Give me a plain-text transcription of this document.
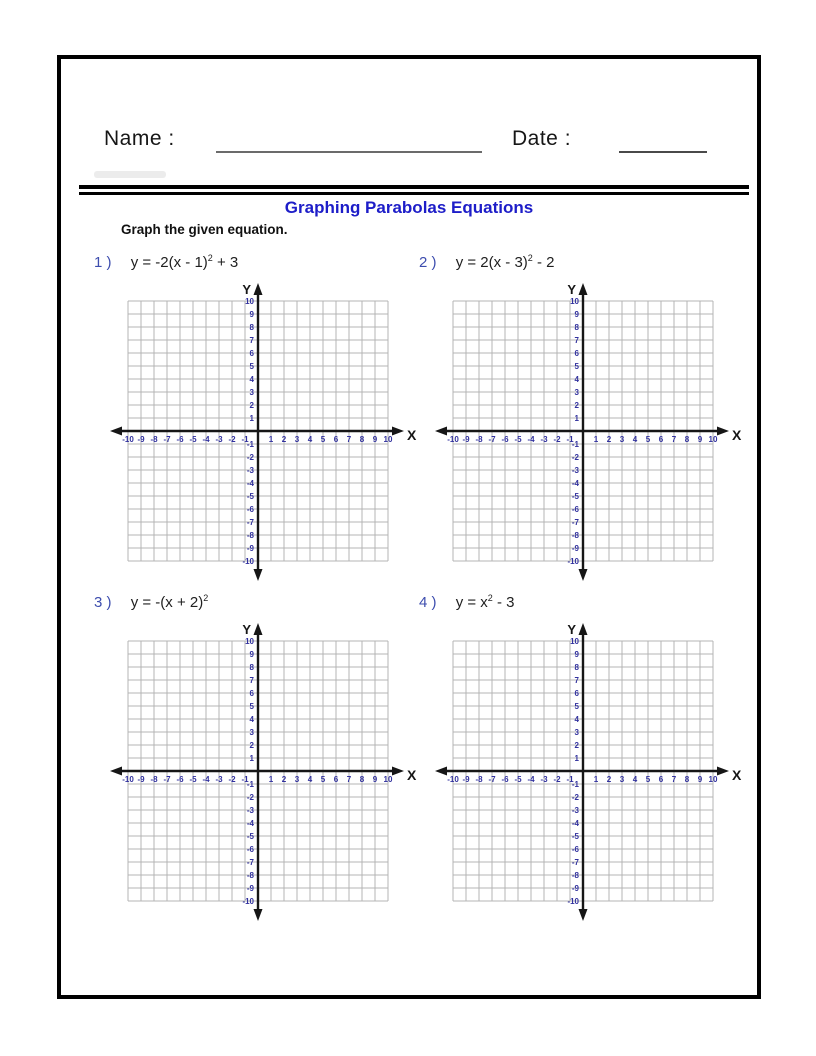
Name :	Date :
Graphing Parabolas Equations
Graph the given equation.
1 ) y = -2(x - 1)$^2$ + 3
Y
X
-10 -9 -8 -7 -6 -5 -4 -3 -2 -1	1 2 3 4 5 6 7 8 9 10
10
9
8
7
6
5
4
3
2
1
-1
-2
-3
-4
-5
-6
-7
-8
-9
-10
2 ) y = 2(x - 3)$^2$ - 2
Y
X
-10 -9 -8 -7 -6 -5 -4 -3 -2 -1	1 2 3 4 5 6 7 8 9 10
10
9
8
7
6
5
4
3
2
1
-1
-2
-3
-4
-5
-6
-7
-8
-9
-10
3 ) $y = -(x + 2)^2$
Y
X
-10 -9 -8 -7 -6 -5 -4 -3 -2 -1	1 2 3 4 5 6 7 8 9 10
10
9
8
7
6
5
4
3
2
1
-1
-2
-3
-4
-5
-6
-7
-8
-9
-10
4 ) $y = x^2 - 3$
Y
X
-10 -9 -8 -7 -6 -5 -4 -3 -2 -1	1 2 3 4 5 6 7 8 9 10
10
9
8
7
6
5
4
3
2
1
-1
-2
-3
-4
-5
-6
-7
-8
-9
-10
